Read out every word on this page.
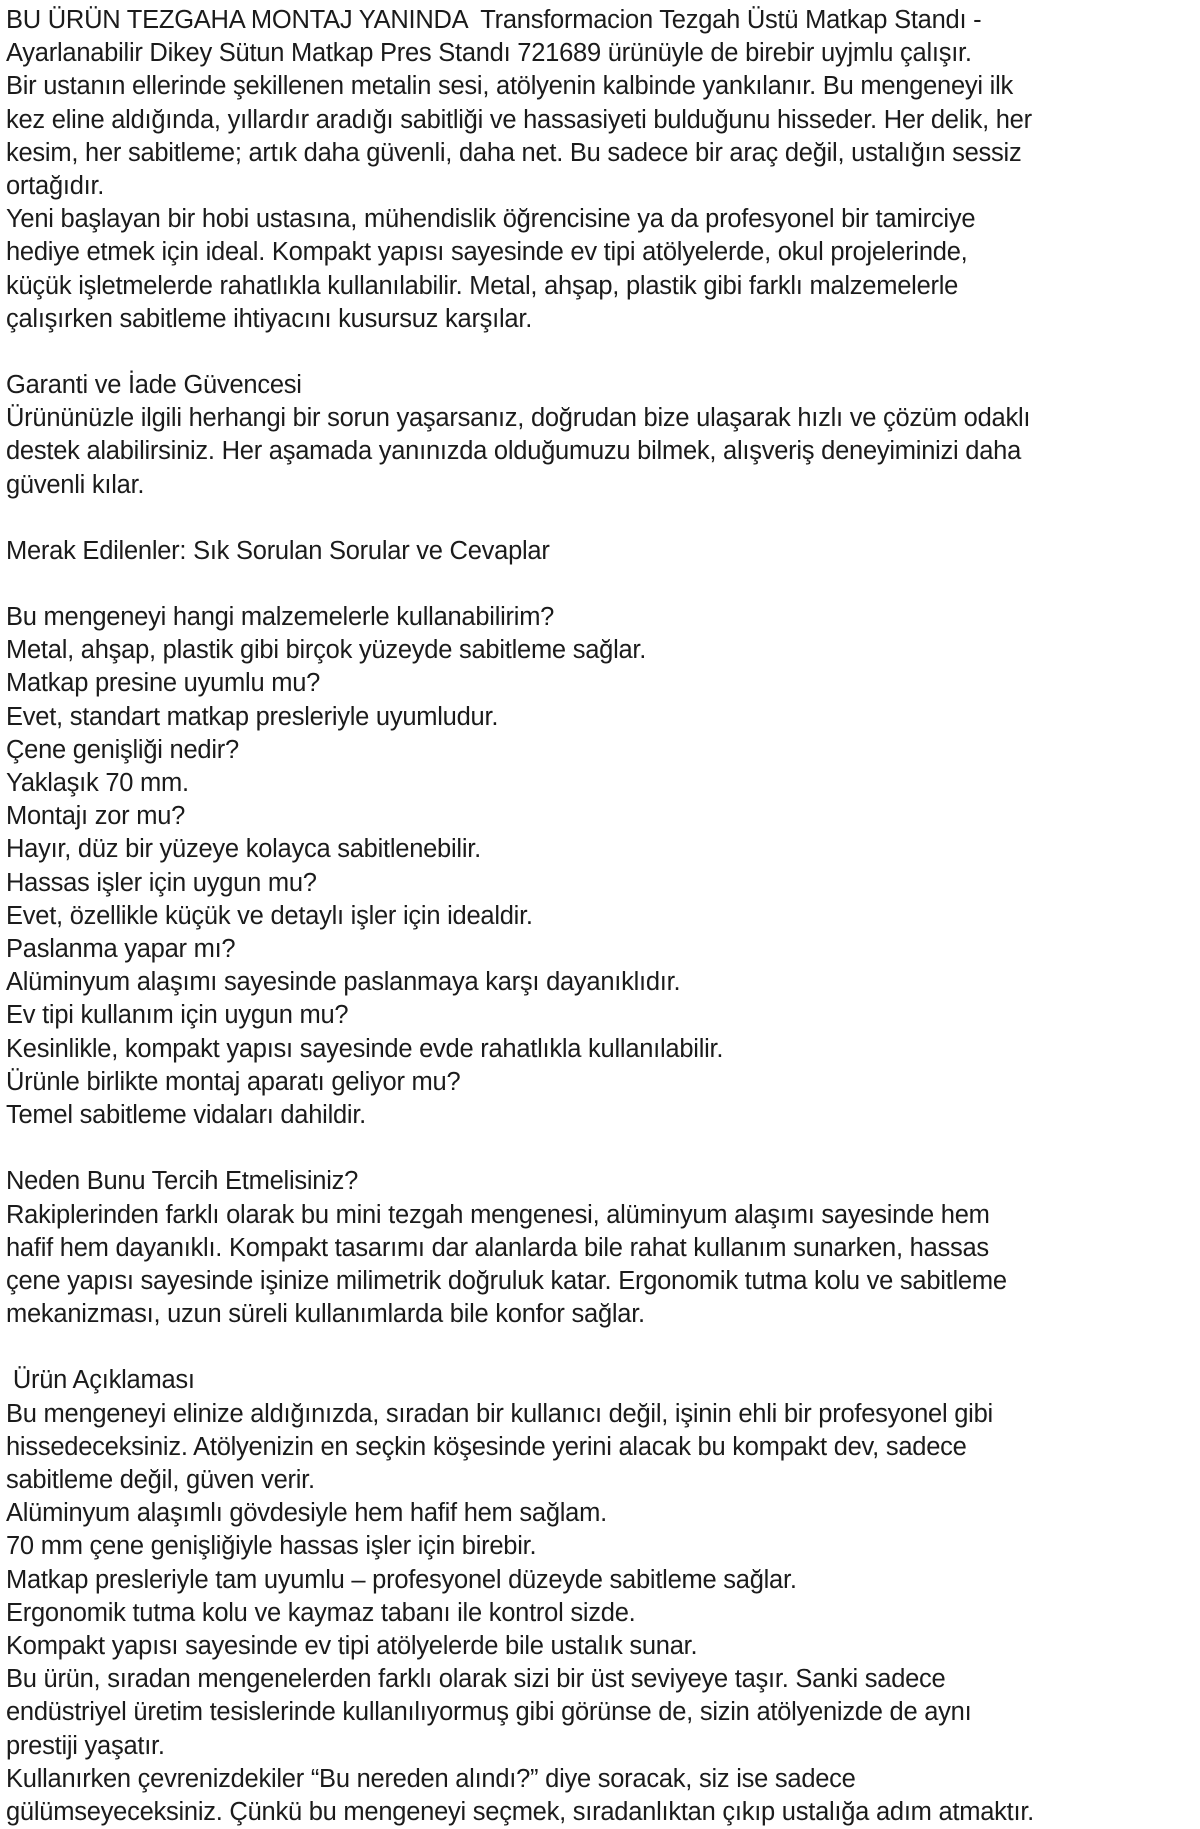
BU ÜRÜN TEZGAHA MONTAJ YANINDA  Transformacion Tezgah Üstü Matkap Standı - Ayarlanabilir Dikey Sütun Matkap Pres Standı 721689 ürünüyle de birebir uyjmlu çalışır.

Bir ustanın ellerinde şekillenen metalin sesi, atölyenin kalbinde yankılanır. Bu mengeneyi ilk kez eline aldığında, yıllardır aradığı sabitliği ve hassasiyeti bulduğunu hisseder. Her delik, her kesim, her sabitleme; artık daha güvenli, daha net. Bu sadece bir araç değil, ustalığın sessiz ortağıdır.

Yeni başlayan bir hobi ustasına, mühendislik öğrencisine ya da profesyonel bir tamirciye hediye etmek için ideal. Kompakt yapısı sayesinde ev tipi atölyelerde, okul projelerinde, küçük işletmelerde rahatlıkla kullanılabilir. Metal, ahşap, plastik gibi farklı malzemelerle çalışırken sabitleme ihtiyacını kusursuz karşılar.

Garanti ve İade Güvencesi

Ürününüzle ilgili herhangi bir sorun yaşarsanız, doğrudan bize ulaşarak hızlı ve çözüm odaklı destek alabilirsiniz. Her aşamada yanınızda olduğumuzu bilmek, alışveriş deneyiminizi daha güvenli kılar.

Merak Edilenler: Sık Sorulan Sorular ve Cevaplar

Bu mengeneyi hangi malzemelerle kullanabilirim?

Metal, ahşap, plastik gibi birçok yüzeyde sabitleme sağlar.

Matkap presine uyumlu mu?

Evet, standart matkap presleriyle uyumludur.

Çene genişliği nedir?

Yaklaşık 70 mm.

Montajı zor mu?

Hayır, düz bir yüzeye kolayca sabitlenebilir.

Hassas işler için uygun mu?

Evet, özellikle küçük ve detaylı işler için idealdir.

Paslanma yapar mı?

Alüminyum alaşımı sayesinde paslanmaya karşı dayanıklıdır.

Ev tipi kullanım için uygun mu?

Kesinlikle, kompakt yapısı sayesinde evde rahatlıkla kullanılabilir.

Ürünle birlikte montaj aparatı geliyor mu?

Temel sabitleme vidaları dahildir.

Neden Bunu Tercih Etmelisiniz?

Rakiplerinden farklı olarak bu mini tezgah mengenesi, alüminyum alaşımı sayesinde hem hafif hem dayanıklı. Kompakt tasarımı dar alanlarda bile rahat kullanım sunarken, hassas çene yapısı sayesinde işinize milimetrik doğruluk katar. Ergonomik tutma kolu ve sabitleme mekanizması, uzun süreli kullanımlarda bile konfor sağlar.

Ürün Açıklaması

Bu mengeneyi elinize aldığınızda, sıradan bir kullanıcı değil, işinin ehli bir profesyonel gibi hissedeceksiniz. Atölyenizin en seçkin köşesinde yerini alacak bu kompakt dev, sadece sabitleme değil, güven verir.

Alüminyum alaşımlı gövdesiyle hem hafif hem sağlam.

70 mm çene genişliğiyle hassas işler için birebir.

Matkap presleriyle tam uyumlu – profesyonel düzeyde sabitleme sağlar.

Ergonomik tutma kolu ve kaymaz tabanı ile kontrol sizde.

Kompakt yapısı sayesinde ev tipi atölyelerde bile ustalık sunar.

Bu ürün, sıradan mengenelerden farklı olarak sizi bir üst seviyeye taşır. Sanki sadece endüstriyel üretim tesislerinde kullanılıyormuş gibi görünse de, sizin atölyenizde de aynı prestiji yaşatır.

Kullanırken çevrenizdekiler “Bu nereden alındı?” diye soracak, siz ise sadece gülümseyeceksiniz. Çünkü bu mengeneyi seçmek, sıradanlıktan çıkıp ustalığa adım atmaktır.
